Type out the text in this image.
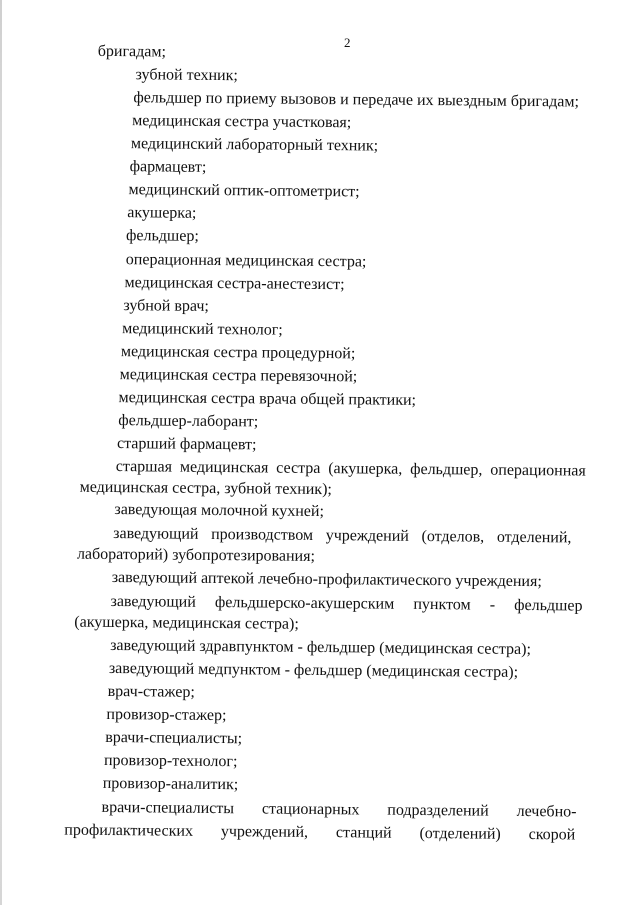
2
бригадам;
зубной техник;
фельдшер по приему вызовов и передаче их выездным бригадам;
медицинская сестра участковая;
медицинский лабораторный техник;
фармацевт;
медицинский оптик-оптометрист;
акушерка;
фельдшер;
операционная медицинская сестра;
медицинская сестра-анестезист;
зубной врач;
медицинский технолог;
медицинская сестра процедурной;
медицинская сестра перевязочной;
медицинская сестра врача общей практики;
фельдшер-лаборант;
старший фармацевт;
старшая медицинская сестра (акушерка, фельдшер, операционная
медицинская сестра, зубной техник);
заведующая молочной кухней;
заведующий производством учреждений (отделов, отделений,
лабораторий) зубопротезирования;
заведующий аптекой лечебно-профилактического учреждения;
заведующий фельдшерско-акушерским пунктом - фельдшер
(акушерка, медицинская сестра);
заведующий здравпунктом - фельдшер (медицинская сестра);
заведующий медпунктом - фельдшер (медицинская сестра);
врач-стажер;
провизор-стажер;
врачи-специалисты;
провизор-технолог;
провизор-аналитик;
врачи-специалисты стационарных подразделений лечебно-
профилактических учреждений, станций (отделений) скорой
